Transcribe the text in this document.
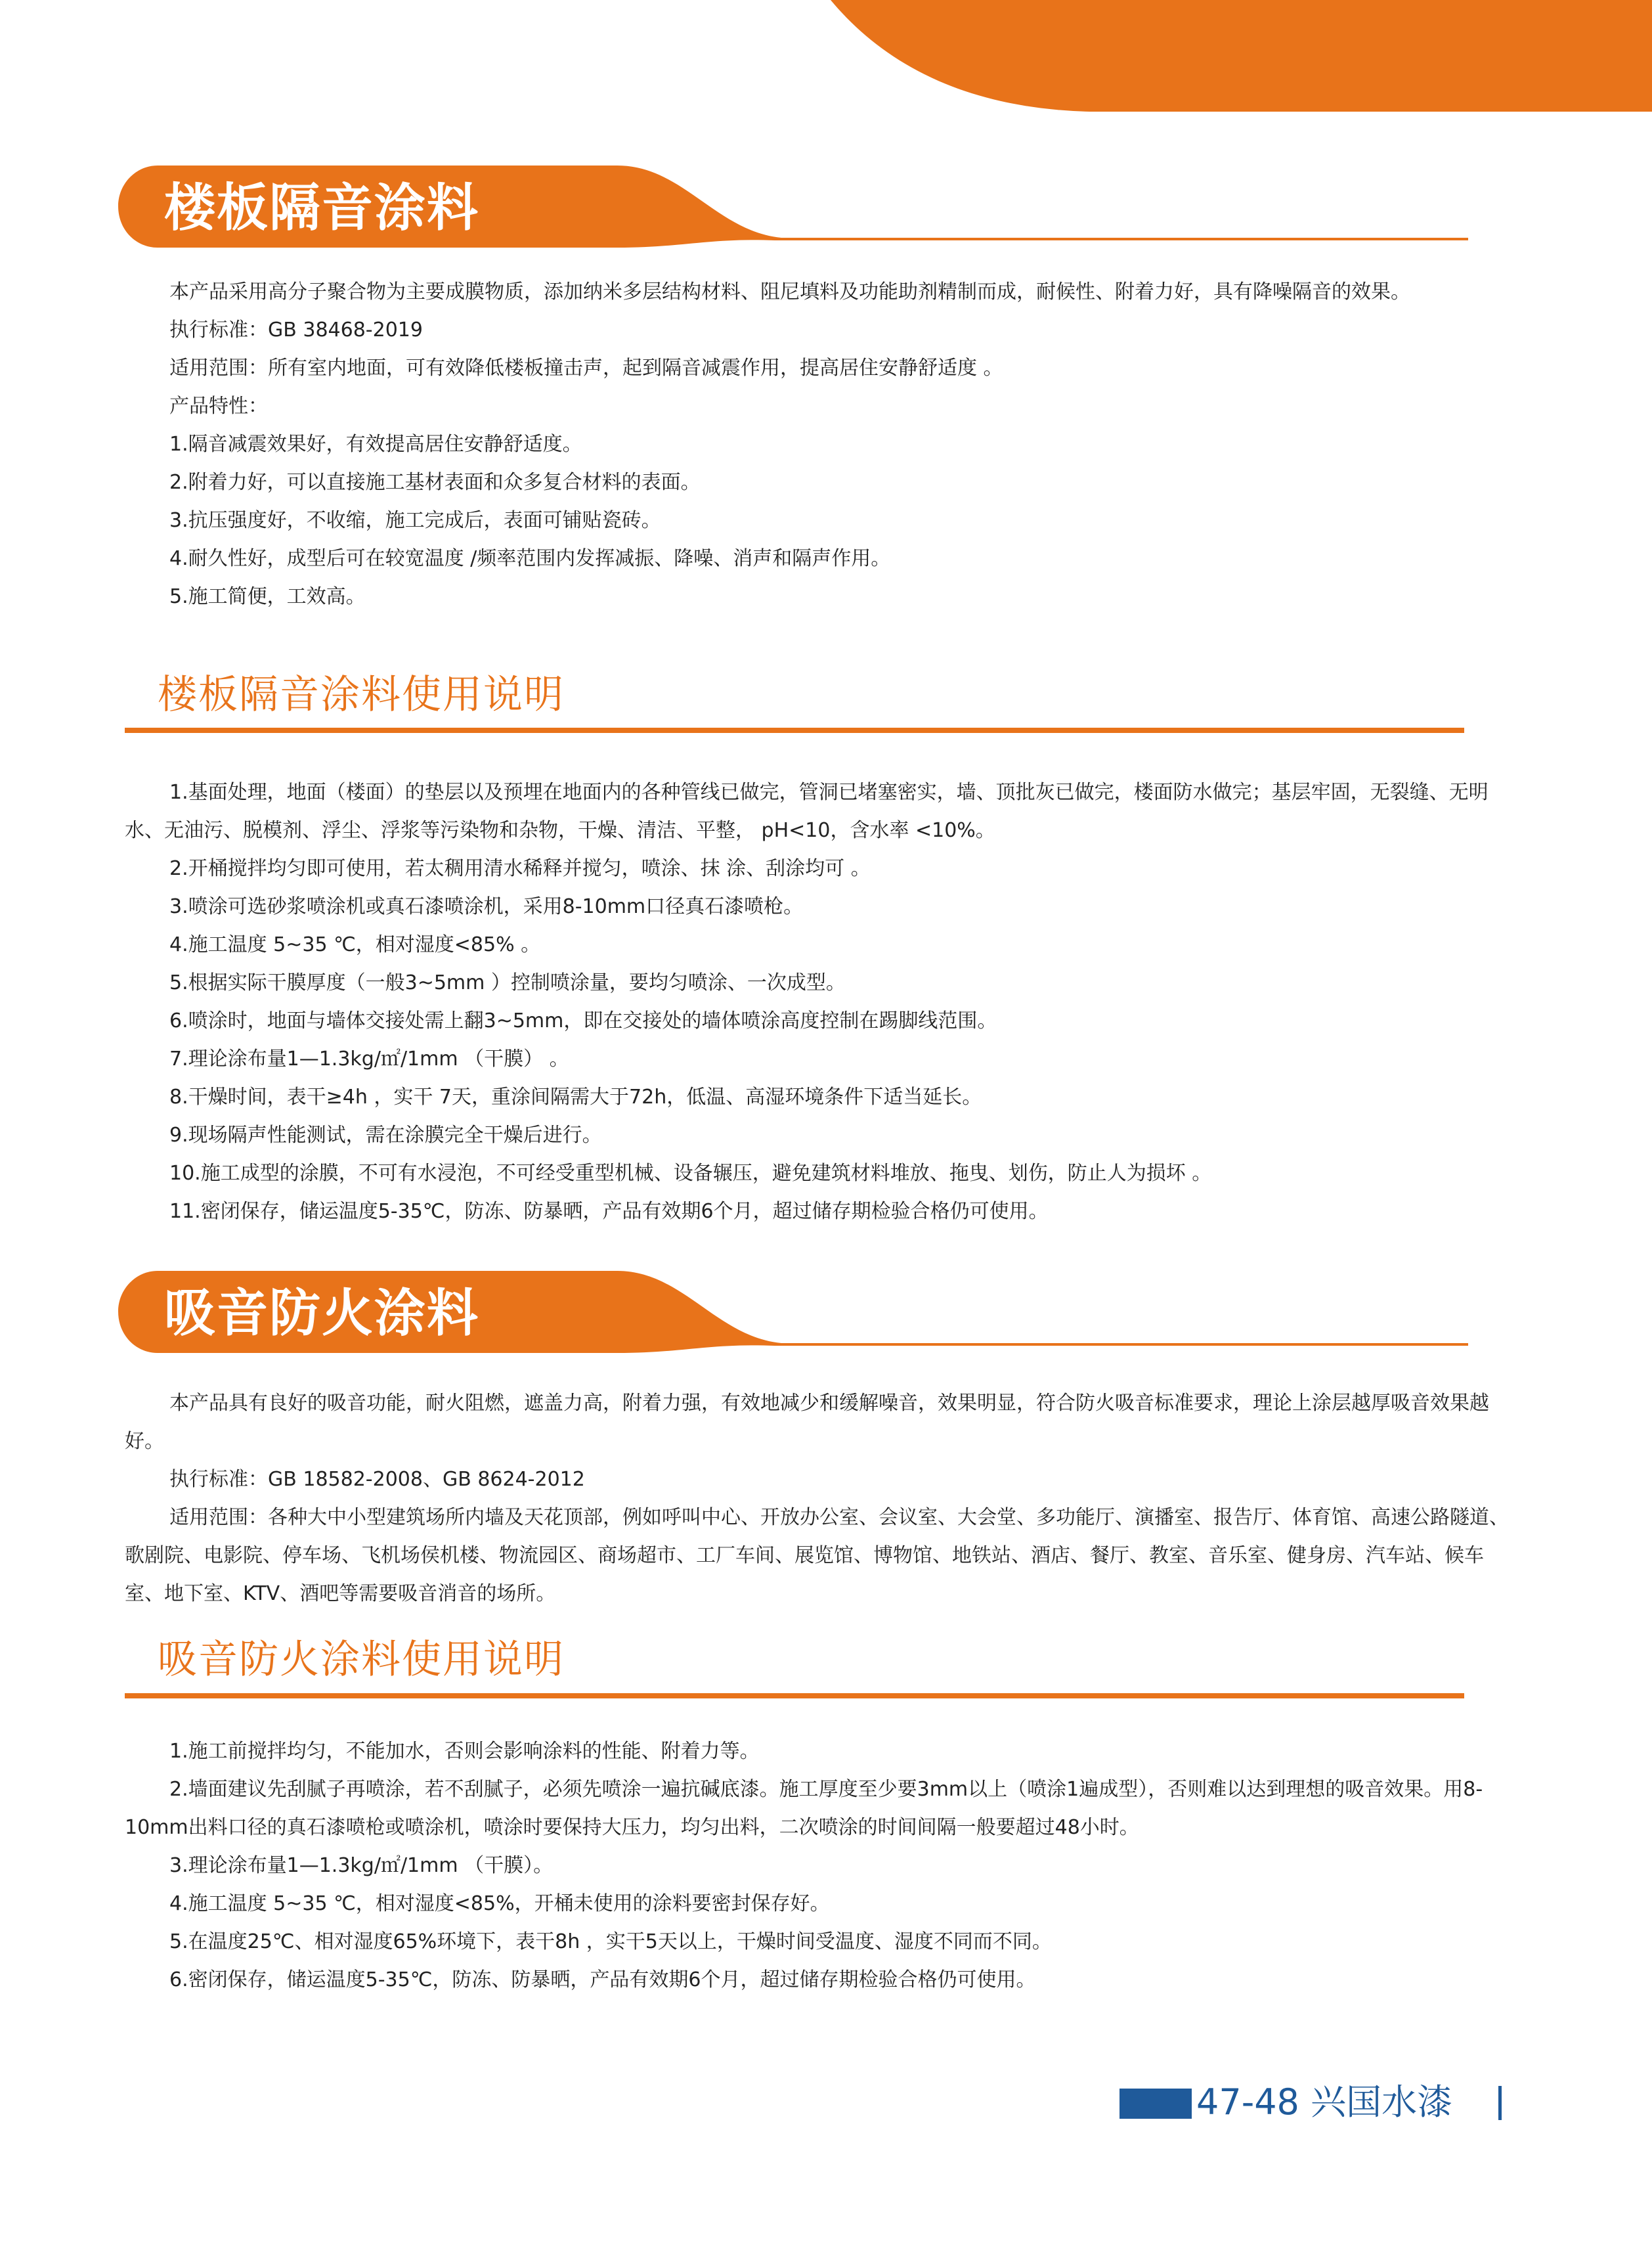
楼板隔音涂料

本产品采用高分子聚合物为主要成膜物质，添加纳米多层结构材料、阻尼填料及功能助剂精制而成，耐候性、附着力好，具有降噪隔音的效果。

执行标准：GB 38468-2019

适用范围：所有室内地面，可有效降低楼板撞击声，起到隔音减震作用，提高居住安静舒适度 。

产品特性：

1.隔音减震效果好，有效提高居住安静舒适度。

2.附着力好，可以直接施工基材表面和众多复合材料的表面。

3.抗压强度好，不收缩，施工完成后，表面可铺贴瓷砖。

4.耐久性好，成型后可在较宽温度 /频率范围内发挥减振、降噪、消声和隔声作用。

5.施工简便，工效高。

楼板隔音涂料使用说明

1.基面处理，地面（楼面）的垫层以及预埋在地面内的各种管线已做完，管洞已堵塞密实，墙、顶批灰已做完，楼面防水做完；基层牢固，无裂缝、无明水、无油污、脱模剂、浮尘、浮浆等污染物和杂物，干燥、清洁、平整， pH<10，含水率 <10%。

2.开桶搅拌均匀即可使用，若太稠用清水稀释并搅匀，喷涂、抹 涂、刮涂均可 。

3.喷涂可选砂浆喷涂机或真石漆喷涂机，采用8-10mm口径真石漆喷枪。

4.施工温度 5~35 ℃，相对湿度<85% 。

5.根据实际干膜厚度（一般3~5mm ）控制喷涂量，要均匀喷涂、一次成型。

6.喷涂时，地面与墙体交接处需上翻3~5mm，即在交接处的墙体喷涂高度控制在踢脚线范围。

7.理论涂布量1—1.3kg/㎡/1mm （干膜） 。

8.干燥时间，表干≥4h ，实干 7天，重涂间隔需大于72h，低温、高湿环境条件下适当延长。

9.现场隔声性能测试，需在涂膜完全干燥后进行。

10.施工成型的涂膜，不可有水浸泡，不可经受重型机械、设备辗压，避免建筑材料堆放、拖曳、划伤，防止人为损坏 。

11.密闭保存，储运温度5-35℃，防冻、防暴晒，产品有效期6个月，超过储存期检验合格仍可使用。

吸音防火涂料

本产品具有良好的吸音功能，耐火阻燃，遮盖力高，附着力强，有效地减少和缓解噪音，效果明显，符合防火吸音标准要求，理论上涂层越厚吸音效果越好。

执行标准：GB 18582-2008、GB 8624-2012

适用范围：各种大中小型建筑场所内墙及天花顶部，例如呼叫中心、开放办公室、会议室、大会堂、多功能厅、演播室、报告厅、体育馆、高速公路隧道、歌剧院、电影院、停车场、飞机场侯机楼、物流园区、商场超市、工厂车间、展览馆、博物馆、地铁站、酒店、餐厅、教室、音乐室、健身房、汽车站、候车室、地下室、KTV、酒吧等需要吸音消音的场所。

吸音防火涂料使用说明

1.施工前搅拌均匀，不能加水，否则会影响涂料的性能、附着力等。

2.墙面建议先刮腻子再喷涂，若不刮腻子，必须先喷涂一遍抗碱底漆。施工厚度至少要3mm以上（喷涂1遍成型），否则难以达到理想的吸音效果。用8-10mm出料口径的真石漆喷枪或喷涂机，喷涂时要保持大压力，均匀出料，二次喷涂的时间间隔一般要超过48小时。

3.理论涂布量1—1.3kg/㎡/1mm （干膜）。

4.施工温度 5~35 ℃，相对湿度<85%，开桶未使用的涂料要密封保存好。

5.在温度25℃、相对湿度65%环境下，表干8h ，实干5天以上，干燥时间受温度、湿度不同而不同。

6.密闭保存，储运温度5-35℃，防冻、防暴晒，产品有效期6个月，超过储存期检验合格仍可使用。

47-48 兴国水漆
